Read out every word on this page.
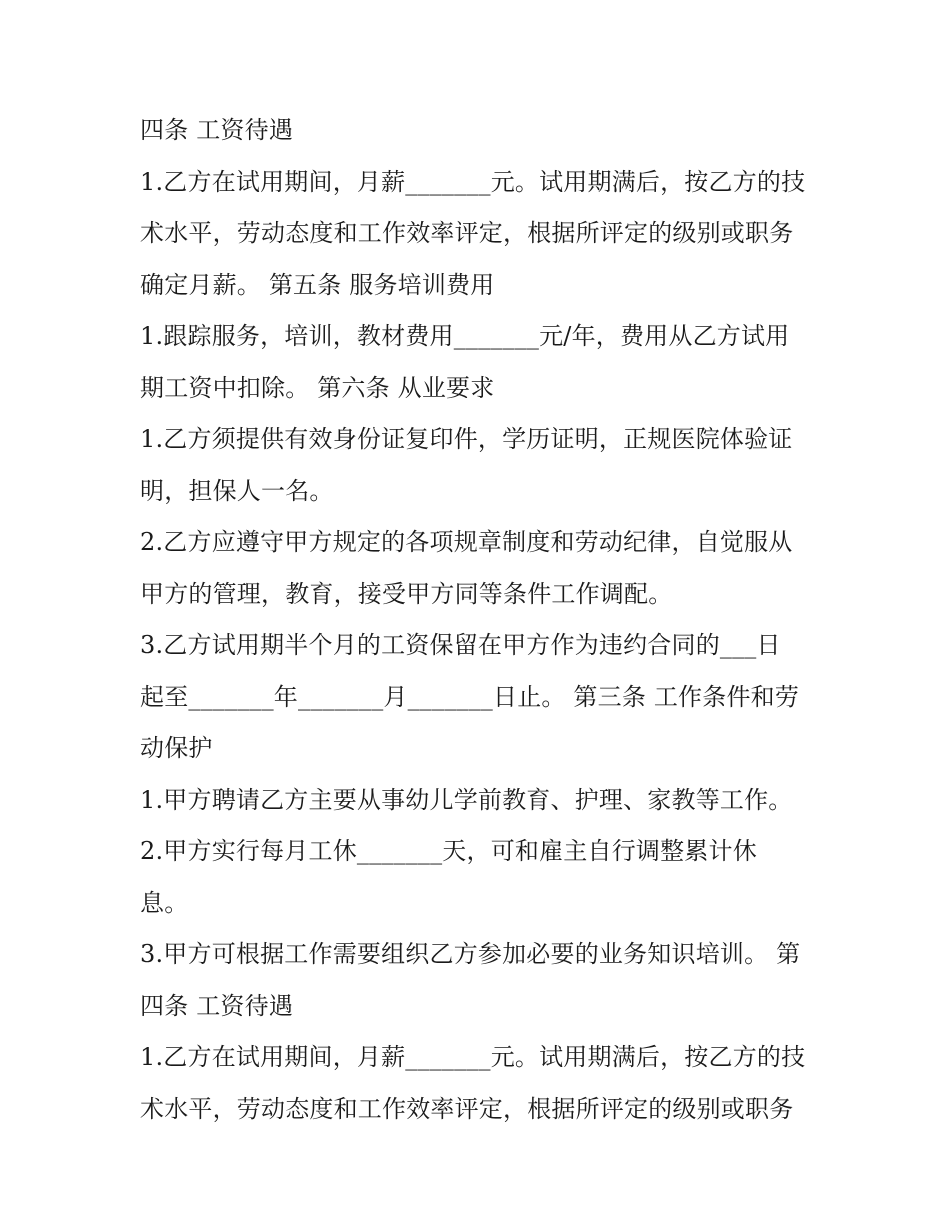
四条 工资待遇
1.乙方在试用期间，月薪_______元。试用期满后，按乙方的技
术水平，劳动态度和工作效率评定，根据所评定的级别或职务
确定月薪。 第五条 服务培训费用
1.跟踪服务，培训，教材费用_______元/年，费用从乙方试用
期工资中扣除。 第六条 从业要求
1.乙方须提供有效身份证复印件，学历证明，正规医院体验证
明，担保人一名。
2.乙方应遵守甲方规定的各项规章制度和劳动纪律，自觉服从
甲方的管理，教育，接受甲方同等条件工作调配。
3.乙方试用期半个月的工资保留在甲方作为违约合同的___日
起至_______年_______月_______日止。 第三条 工作条件和劳
动保护
1.甲方聘请乙方主要从事幼儿学前教育、护理、家教等工作。
2.甲方实行每月工休_______天，可和雇主自行调整累计休
息。
3.甲方可根据工作需要组织乙方参加必要的业务知识培训。 第
四条 工资待遇
1.乙方在试用期间，月薪_______元。试用期满后，按乙方的技
术水平，劳动态度和工作效率评定，根据所评定的级别或职务
